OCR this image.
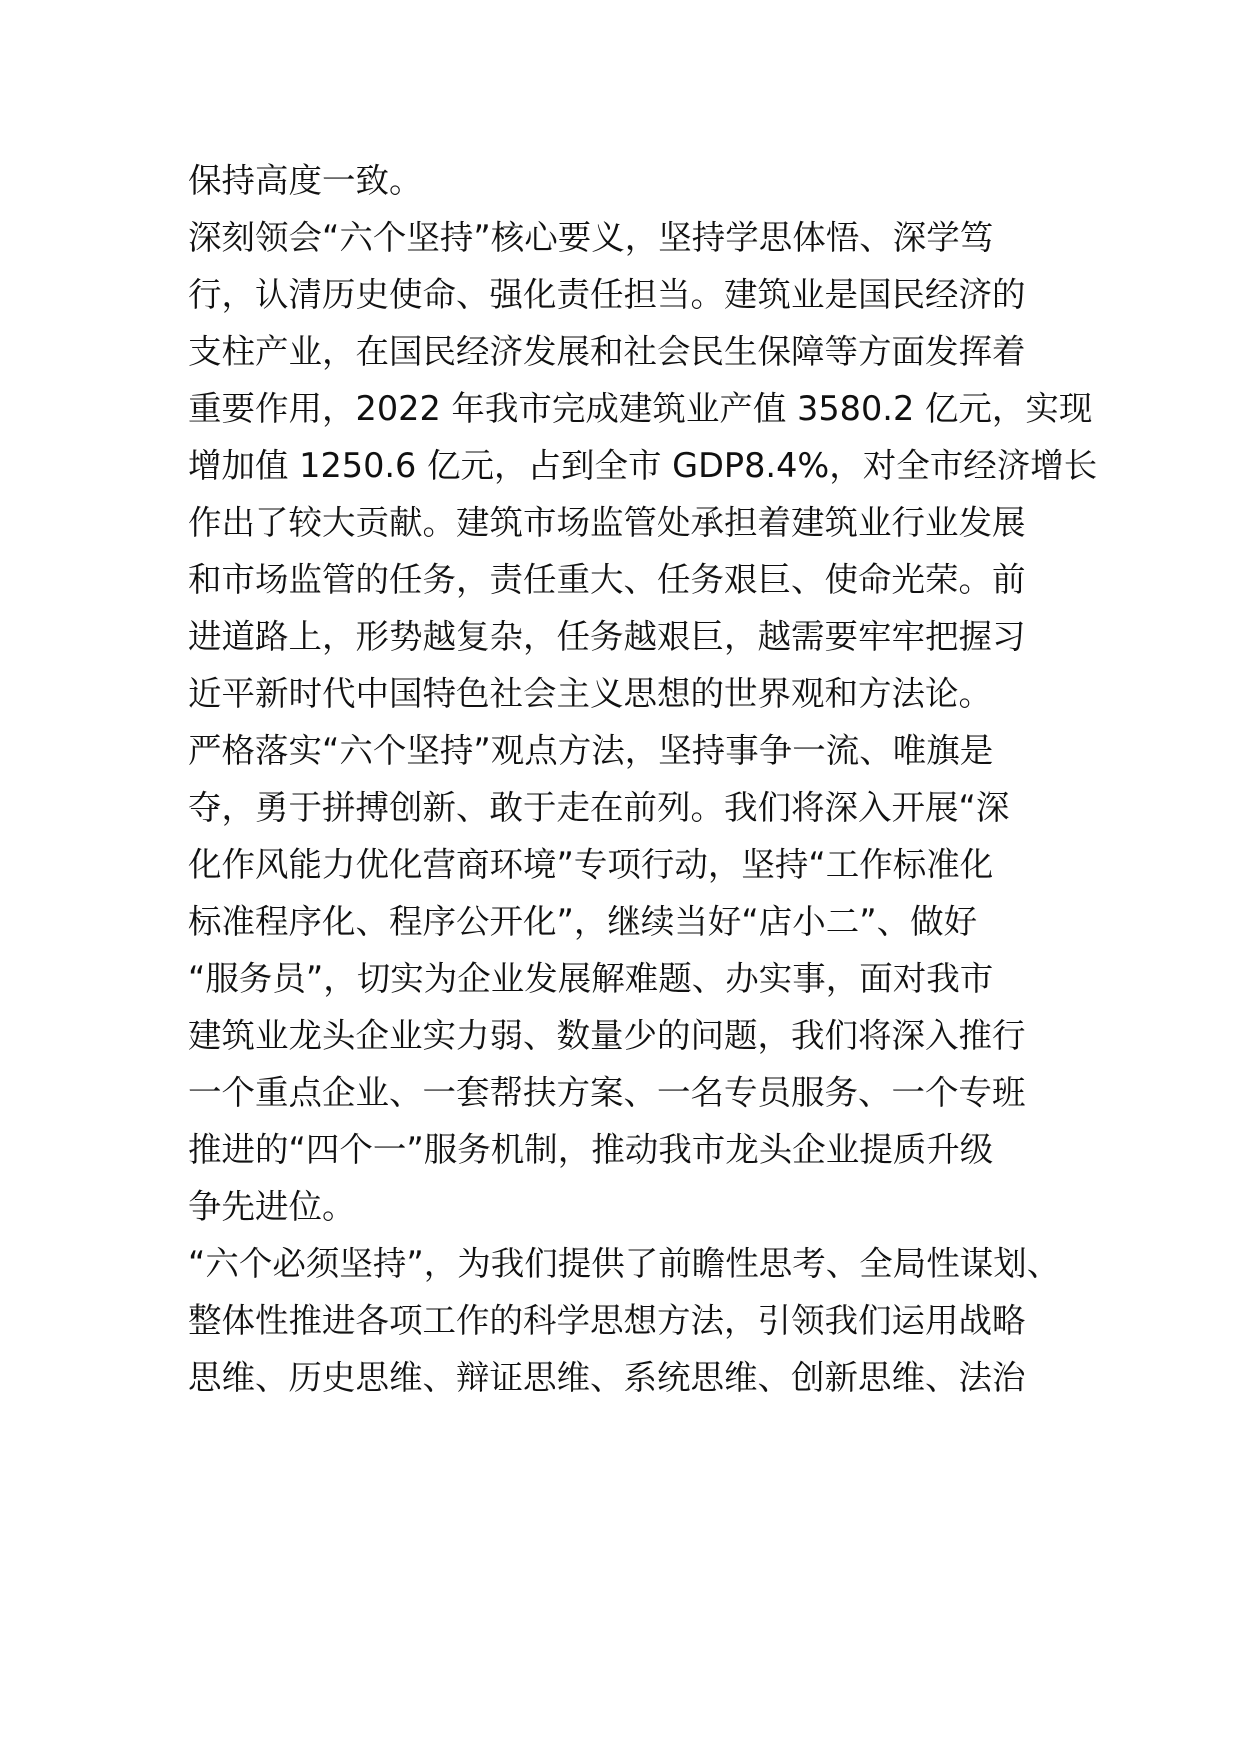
保持高度一致。

深刻领会“六个坚持”核心要义，坚持学思体悟、深学笃

行，认清历史使命、强化责任担当。建筑业是国民经济的

支柱产业，在国民经济发展和社会民生保障等方面发挥着

重要作用，2022 年我市完成建筑业产值 3580.2 亿元，实现

增加值 1250.6 亿元，占到全市 GDP8.4%，对全市经济增长

作出了较大贡献。建筑市场监管处承担着建筑业行业发展

和市场监管的任务，责任重大、任务艰巨、使命光荣。前

进道路上，形势越复杂，任务越艰巨，越需要牢牢把握习

近平新时代中国特色社会主义思想的世界观和方法论。

严格落实“六个坚持”观点方法，坚持事争一流、唯旗是

夺，勇于拼搏创新、敢于走在前列。我们将深入开展“深

化作风能力优化营商环境”专项行动，坚持“工作标准化

标准程序化、程序公开化”，继续当好“店小二”、做好

“服务员”，切实为企业发展解难题、办实事，面对我市

建筑业龙头企业实力弱、数量少的问题，我们将深入推行

一个重点企业、一套帮扶方案、一名专员服务、一个专班

推进的“四个一”服务机制，推动我市龙头企业提质升级

争先进位。

“六个必须坚持”，为我们提供了前瞻性思考、全局性谋划、

整体性推进各项工作的科学思想方法，引领我们运用战略

思维、历史思维、辩证思维、系统思维、创新思维、法治
